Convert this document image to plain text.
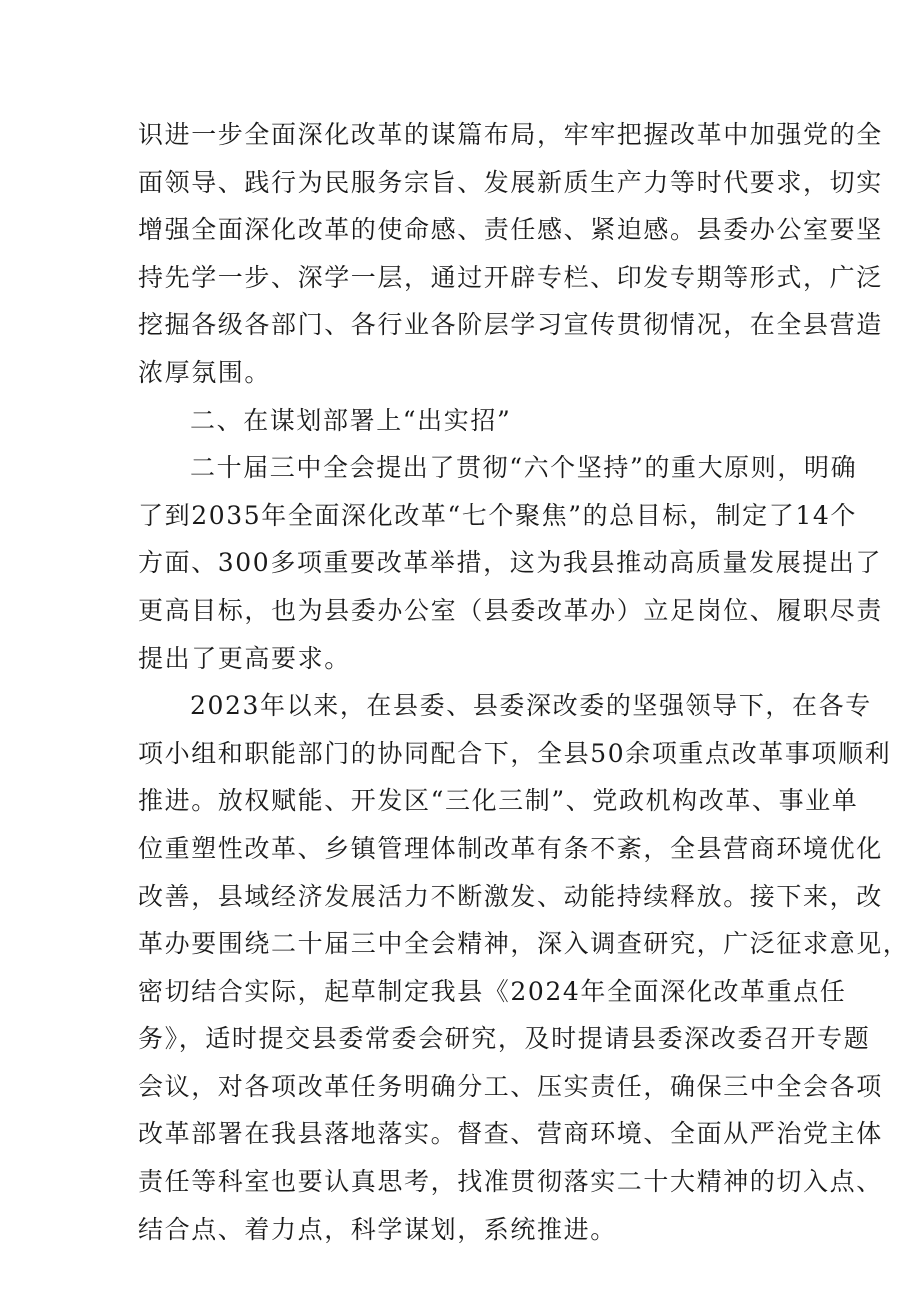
识进一步全面深化改革的谋篇布局，牢牢把握改革中加强党的全
面领导、践行为民服务宗旨、发展新质生产力等时代要求，切实
增强全面深化改革的使命感、责任感、紧迫感。县委办公室要坚
持先学一步、深学一层，通过开辟专栏、印发专期等形式，广泛
挖掘各级各部门、各行业各阶层学习宣传贯彻情况，在全县营造
浓厚氛围。
二、在谋划部署上“出实招”
二十届三中全会提出了贯彻“六个坚持”的重大原则，明确
了到2035年全面深化改革“七个聚焦”的总目标，制定了14个
方面、300多项重要改革举措，这为我县推动高质量发展提出了
更高目标，也为县委办公室（县委改革办）立足岗位、履职尽责
提出了更高要求。
2023年以来，在县委、县委深改委的坚强领导下，在各专
项小组和职能部门的协同配合下，全县50余项重点改革事项顺利
推进。放权赋能、开发区“三化三制”、党政机构改革、事业单
位重塑性改革、乡镇管理体制改革有条不紊，全县营商环境优化
改善，县域经济发展活力不断激发、动能持续释放。接下来，改
革办要围绕二十届三中全会精神，深入调查研究，广泛征求意见，
密切结合实际，起草制定我县《2024年全面深化改革重点任
务》，适时提交县委常委会研究，及时提请县委深改委召开专题
会议，对各项改革任务明确分工、压实责任，确保三中全会各项
改革部署在我县落地落实。督查、营商环境、全面从严治党主体
责任等科室也要认真思考，找准贯彻落实二十大精神的切入点、
结合点、着力点，科学谋划，系统推进。
